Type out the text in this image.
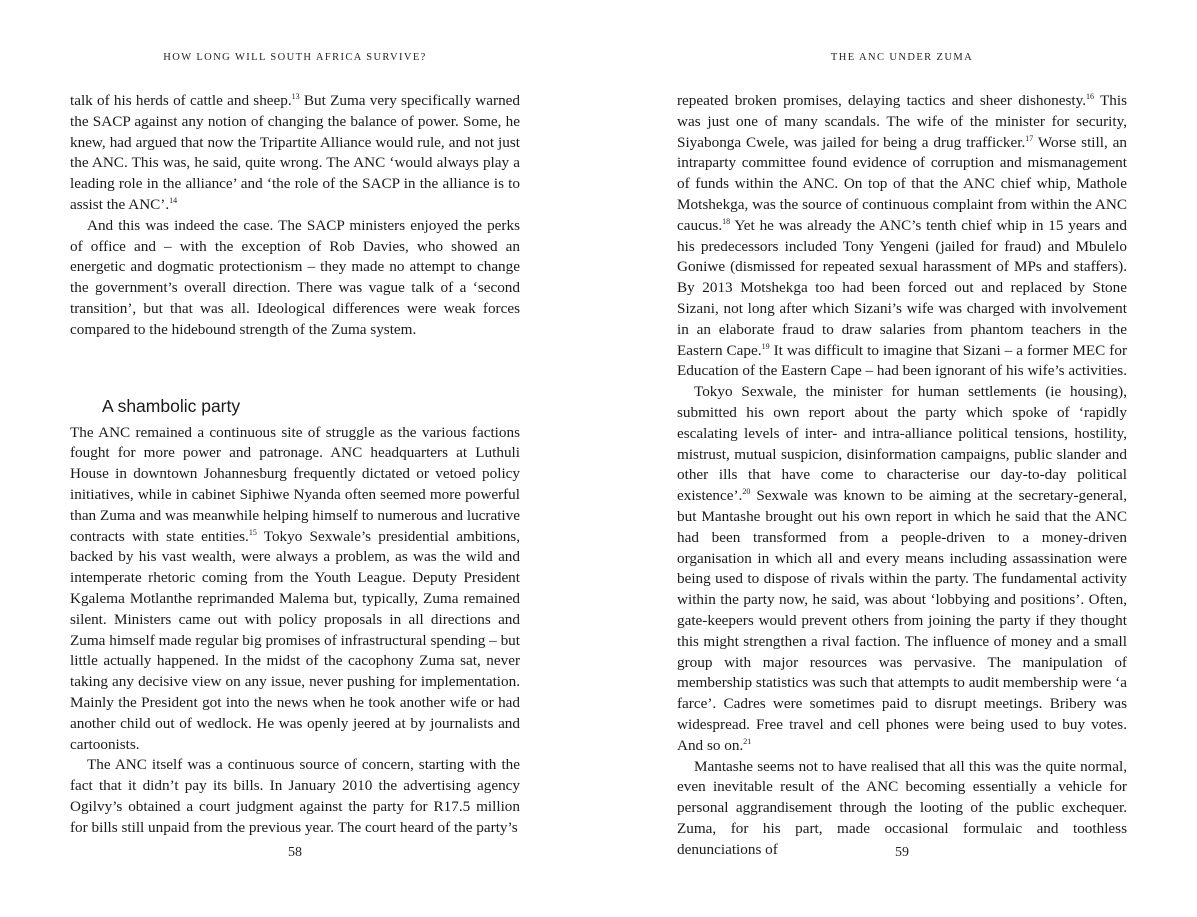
HOW LONG WILL SOUTH AFRICA SURVIVE?

talk of his herds of cattle and sheep.$^{13}$ But Zuma very specifically warned the SACP against any notion of changing the balance of power. Some, he knew, had argued that now the Tripartite Alliance would rule, and not just the ANC. This was, he said, quite wrong. The ANC ‘would always play a leading role in the alliance’ and ‘the role of the SACP in the alliance is to assist the ANC’.$^{14}$

And this was indeed the case. The SACP ministers enjoyed the perks of office and – with the exception of Rob Davies, who showed an energetic and dogmatic protectionism – they made no attempt to change the government’s overall direction. There was vague talk of a ‘second transition’, but that was all. Ideological differences were weak forces compared to the hidebound strength of the Zuma system.

A shambolic party

The ANC remained a continuous site of struggle as the various factions fought for more power and patronage. ANC headquarters at Luthuli House in downtown Johannesburg frequently dictated or vetoed policy initiatives, while in cabinet Siphiwe Nyanda often seemed more powerful than Zuma and was meanwhile helping himself to numerous and lucrative contracts with state entities.$^{15}$ Tokyo Sexwale’s presidential ambitions, backed by his vast wealth, were always a problem, as was the wild and intemperate rhetoric coming from the Youth League. Deputy President Kgalema Motlanthe reprimanded Malema but, typically, Zuma remained silent. Ministers came out with policy proposals in all directions and Zuma himself made regular big promises of infrastructural spending – but little actually happened. In the midst of the cacophony Zuma sat, never taking any decisive view on any issue, never pushing for implementation. Mainly the President got into the news when he took another wife or had another child out of wedlock. He was openly jeered at by journalists and cartoonists.

The ANC itself was a continuous source of concern, starting with the fact that it didn’t pay its bills. In January 2010 the advertising agency Ogilvy’s obtained a court judgment against the party for R17.5 million for bills still unpaid from the previous year. The court heard of the party’s

58
THE ANC UNDER ZUMA

repeated broken promises, delaying tactics and sheer dishonesty.$^{16}$ This was just one of many scandals. The wife of the minister for security, Siyabonga Cwele, was jailed for being a drug trafficker.$^{17}$ Worse still, an intraparty committee found evidence of corruption and mismanagement of funds within the ANC. On top of that the ANC chief whip, Mathole Motshekga, was the source of continuous complaint from within the ANC caucus.$^{18}$ Yet he was already the ANC’s tenth chief whip in 15 years and his predecessors included Tony Yengeni (jailed for fraud) and Mbulelo Goniwe (dismissed for repeated sexual harassment of MPs and staffers). By 2013 Motshekga too had been forced out and replaced by Stone Sizani, not long after which Sizani’s wife was charged with involvement in an elaborate fraud to draw salaries from phantom teachers in the Eastern Cape.$^{19}$ It was difficult to imagine that Sizani – a former MEC for Education of the Eastern Cape – had been ignorant of his wife’s activities.

Tokyo Sexwale, the minister for human settlements (ie housing), submitted his own report about the party which spoke of ‘rapidly escalating levels of inter- and intra-alliance political tensions, hostility, mistrust, mutual suspicion, disinformation campaigns, public slander and other ills that have come to characterise our day-to-day political existence’.$^{20}$ Sexwale was known to be aiming at the secretary-general, but Mantashe brought out his own report in which he said that the ANC had been transformed from a people-driven to a money-driven organisation in which all and every means including assassination were being used to dispose of rivals within the party. The fundamental activity within the party now, he said, was about ‘lobbying and positions’. Often, gate-keepers would prevent others from joining the party if they thought this might strengthen a rival faction. The influence of money and a small group with major resources was pervasive. The manipulation of membership statistics was such that attempts to audit membership were ‘a farce’. Cadres were sometimes paid to disrupt meetings. Bribery was widespread. Free travel and cell phones were being used to buy votes. And so on.$^{21}$

Mantashe seems not to have realised that all this was the quite normal, even inevitable result of the ANC becoming essentially a vehicle for personal aggrandisement through the looting of the public exchequer. Zuma, for his part, made occasional formulaic and toothless denunciations of	59
